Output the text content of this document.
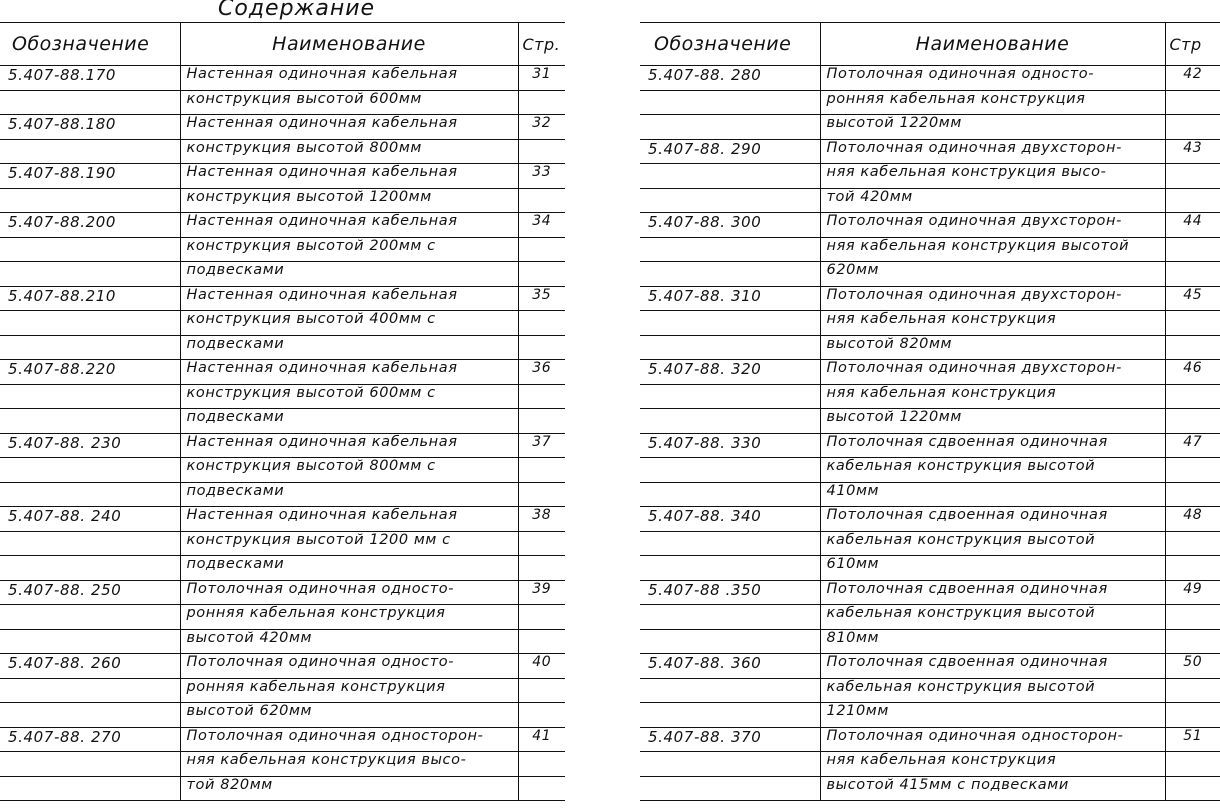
Содержание
Обозначение	Наименование	Стр.
5.407-88.170	Настенная одиночная кабельная	31
	конструкция высотой 600мм	
5.407-88.180	Настенная одиночная кабельная	32
	конструкция высотой 800мм	
5.407-88.190	Настенная одиночная кабельная	33
	конструкция высотой 1200мм	
5.407-88.200	Настенная одиночная кабельная	34
	конструкция высотой 200мм с	
	подвесками	
5.407-88.210	Настенная одиночная кабельная	35
	конструкция высотой 400мм с	
	подвесками	
5.407-88.220	Настенная одиночная кабельная	36
	конструкция высотой 600мм с	
	подвесками	
5.407-88. 230	Настенная одиночная кабельная	37
	конструкция высотой 800мм с	
	подвесками	
5.407-88. 240	Настенная одиночная кабельная	38
	конструкция высотой 1200 мм с	
	подвесками	
5.407-88. 250	Потолочная одиночная односто-	39
	ронняя кабельная конструкция	
	высотой 420мм	
5.407-88. 260	Потолочная одиночная односто-	40
	ронняя кабельная конструкция	
	высотой 620мм	
5.407-88. 270	Потолочная одиночная односторон-	41
	няя кабельная конструкция высо-	
	той 820мм	
Обозначение	Наименование	Стр
5.407-88. 280	Потолочная одиночная односто-	42
	ронняя кабельная конструкция	
	высотой 1220мм	
5.407-88. 290	Потолочная одиночная двухсторон-	43
	няя кабельная конструкция высо-	
	той 420мм	
5.407-88. 300	Потолочная одиночная двухсторон-	44
	няя кабельная конструкция высотой	
	620мм	
5.407-88. 310	Потолочная одиночная двухсторон-	45
	няя кабельная конструкция	
	высотой 820мм	
5.407-88. 320	Потолочная одиночная двухсторон-	46
	няя кабельная конструкция	
	высотой 1220мм	
5.407-88. 330	Потолочная сдвоенная одиночная	47
	кабельная конструкция высотой	
	410мм	
5.407-88. 340	Потолочная сдвоенная одиночная	48
	кабельная конструкция высотой	
	610мм	
5.407-88 .350	Потолочная сдвоенная одиночная	49
	кабельная конструкция высотой	
	810мм	
5.407-88. 360	Потолочная сдвоенная одиночная	50
	кабельная конструкция высотой	
	1210мм	
5.407-88. 370	Потолочная одиночная односторон-	51
	няя кабельная конструкция	
	высотой 415мм с подвесками	
